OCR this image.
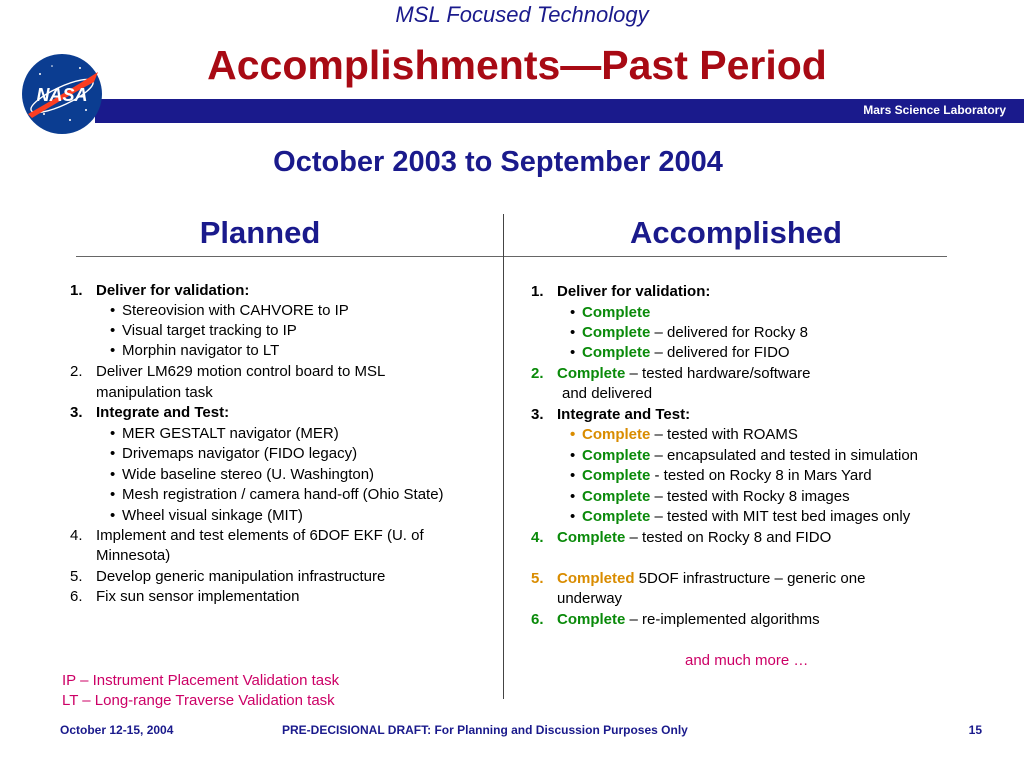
MSL Focused Technology
Accomplishments—Past Period
Mars Science Laboratory
NASA
October 2003 to September 2004
Planned	Accomplished
1. Deliver for validation:
• Stereovision with CAHVORE to IP
• Visual target tracking to IP
• Morphin navigator to LT
2. Deliver LM629 motion control board to MSL
manipulation task
3. Integrate and Test:
• MER GESTALT navigator (MER)
• Drivemaps navigator (FIDO legacy)
• Wide baseline stereo (U. Washington)
• Mesh registration / camera hand-off (Ohio State)
• Wheel visual sinkage (MIT)
4. Implement and test elements of 6DOF EKF (U. of
Minnesota)
5. Develop generic manipulation infrastructure
6. Fix sun sensor implementation
1. Deliver for validation:
• Complete
• Complete – delivered for Rocky 8
• Complete – delivered for FIDO
2. Complete – tested hardware/software
and delivered
3. Integrate and Test:
• Complete – tested with ROAMS
• Complete – encapsulated and tested in simulation
• Complete - tested on Rocky 8 in Mars Yard
• Complete – tested with Rocky 8 images
• Complete – tested with MIT test bed images only
4. Complete – tested on Rocky 8 and FIDO
5. Completed 5DOF infrastructure – generic one
underway
6. Complete – re-implemented algorithms
and much more …
IP – Instrument Placement Validation task
LT – Long-range Traverse Validation task
October 12-15, 2004	PRE-DECISIONAL DRAFT: For Planning and Discussion Purposes Only	15
